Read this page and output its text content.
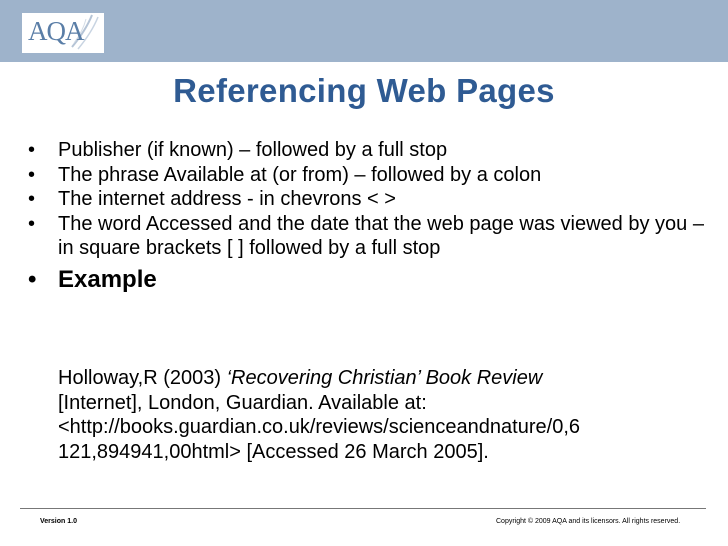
AQA
Referencing Web Pages
• Publisher (if known) – followed by a full stop
• The phrase Available at (or from) – followed by a colon
• The internet address - in chevrons < >
• The word Accessed and the date that the web page was viewed by you – in square brackets [ ] followed by a full stop
• Example
Holloway,R (2003) ‘Recovering Christian’ Book Review
[Internet], London, Guardian. Available at:
<http://books.guardian.co.uk/reviews/scienceandnature/0,6
121,894941,00html> [Accessed 26 March 2005].
Version 1.0	Copyright © 2009 AQA and its licensors. All rights reserved.
